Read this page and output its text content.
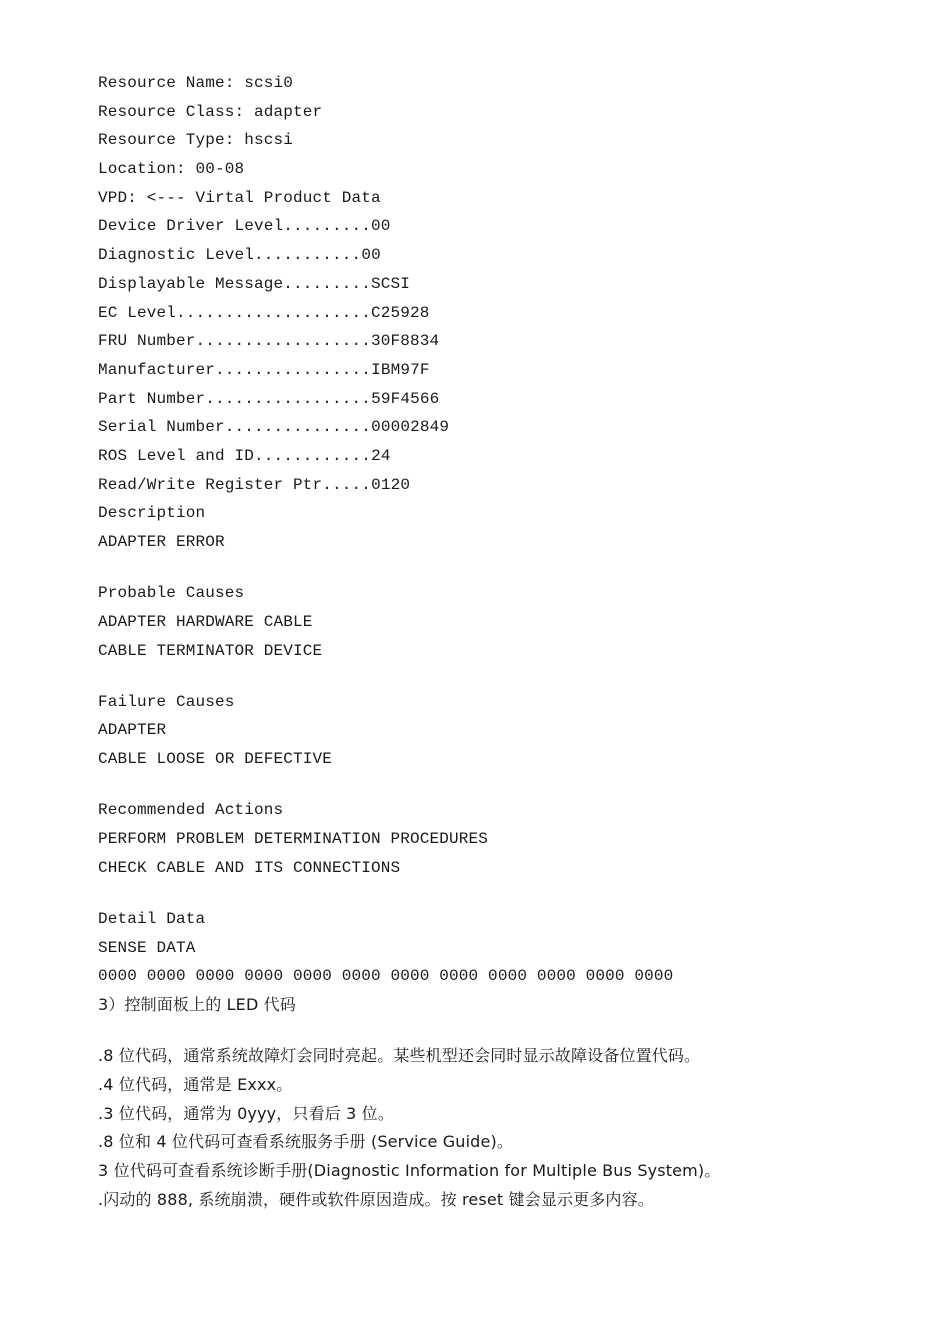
Resource Name: scsi0
Resource Class: adapter
Resource Type: hscsi
Location: 00-08
VPD: <--- Virtal Product Data
Device Driver Level.........00
Diagnostic Level...........00
Displayable Message.........SCSI
EC Level....................C25928
FRU Number..................30F8834
Manufacturer................IBM97F
Part Number.................59F4566
Serial Number...............00002849
ROS Level and ID............24
Read/Write Register Ptr.....0120
Description
ADAPTER ERROR
Probable Causes
ADAPTER HARDWARE CABLE
CABLE TERMINATOR DEVICE
Failure Causes
ADAPTER
CABLE LOOSE OR DEFECTIVE
Recommended Actions
PERFORM PROBLEM DETERMINATION PROCEDURES
CHECK CABLE AND ITS CONNECTIONS
Detail Data
SENSE DATA
0000 0000 0000 0000 0000 0000 0000 0000 0000 0000 0000 0000
3）控制面板上的 LED 代码
.8 位代码，通常系统故障灯会同时亮起。某些机型还会同时显示故障设备位置代码。
.4 位代码，通常是 Exxx。
.3 位代码，通常为 0yyy，只看后 3 位。
.8 位和 4 位代码可查看系统服务手册 (Service Guide)。
3 位代码可查看系统诊断手册(Diagnostic Information for Multiple Bus System)。
.闪动的 888, 系统崩溃，硬件或软件原因造成。按 reset 键会显示更多内容。
